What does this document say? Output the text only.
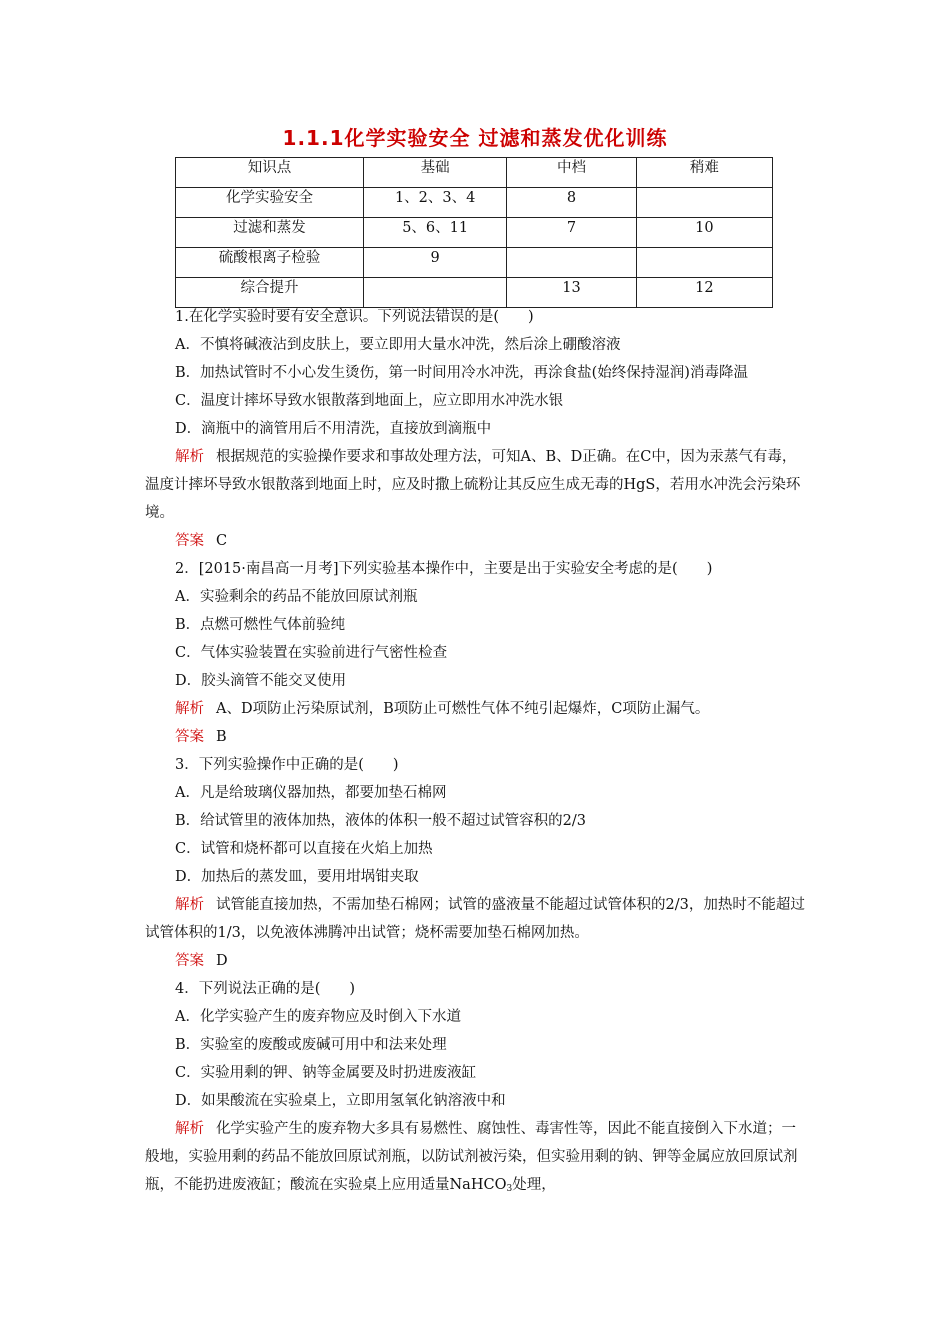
1.1.1化学实验安全 过滤和蒸发优化训练
知识点	基础	中档	稍难
化学实验安全	1、2、3、4	8	
过滤和蒸发	5、6、11	7	10
硫酸根离子检验	9		
综合提升		13	12

1.在化学实验时要有安全意识。下列说法错误的是(　　)

A．不慎将碱液沾到皮肤上，要立即用大量水冲洗，然后涂上硼酸溶液

B．加热试管时不小心发生烫伤，第一时间用冷水冲洗，再涂食盐(始终保持湿润)消毒降温

C．温度计摔坏导致水银散落到地面上，应立即用水冲洗水银

D．滴瓶中的滴管用后不用清洗，直接放到滴瓶中

解析 根据规范的实验操作要求和事故处理方法，可知A、B、D正确。在C中，因为汞蒸气有毒，温度计摔坏导致水银散落到地面上时，应及时撒上硫粉让其反应生成无毒的HgS，若用水冲洗会污染环境。

答案 C

2．[2015·南昌高一月考]下列实验基本操作中，主要是出于实验安全考虑的是(　　)

A．实验剩余的药品不能放回原试剂瓶

B．点燃可燃性气体前验纯

C．气体实验装置在实验前进行气密性检查

D．胶头滴管不能交叉使用

解析 A、D项防止污染原试剂，B项防止可燃性气体不纯引起爆炸，C项防止漏气。

答案 B

3．下列实验操作中正确的是(　　)

A．凡是给玻璃仪器加热，都要加垫石棉网

B．给试管里的液体加热，液体的体积一般不超过试管容积的2/3

C．试管和烧杯都可以直接在火焰上加热

D．加热后的蒸发皿，要用坩埚钳夹取

解析 试管能直接加热，不需加垫石棉网；试管的盛液量不能超过试管体积的2/3，加热时不能超过试管体积的1/3，以免液体沸腾冲出试管；烧杯需要加垫石棉网加热。

答案 D

4．下列说法正确的是(　　)

A．化学实验产生的废弃物应及时倒入下水道

B．实验室的废酸或废碱可用中和法来处理

C．实验用剩的钾、钠等金属要及时扔进废液缸

D．如果酸流在实验桌上，立即用氢氧化钠溶液中和

解析 化学实验产生的废弃物大多具有易燃性、腐蚀性、毒害性等，因此不能直接倒入下水道；一般地，实验用剩的药品不能放回原试剂瓶，以防试剂被污染，但实验用剩的钠、钾等金属应放回原试剂瓶，不能扔进废液缸；酸流在实验桌上应用适量NaHCO$_3$处理，
